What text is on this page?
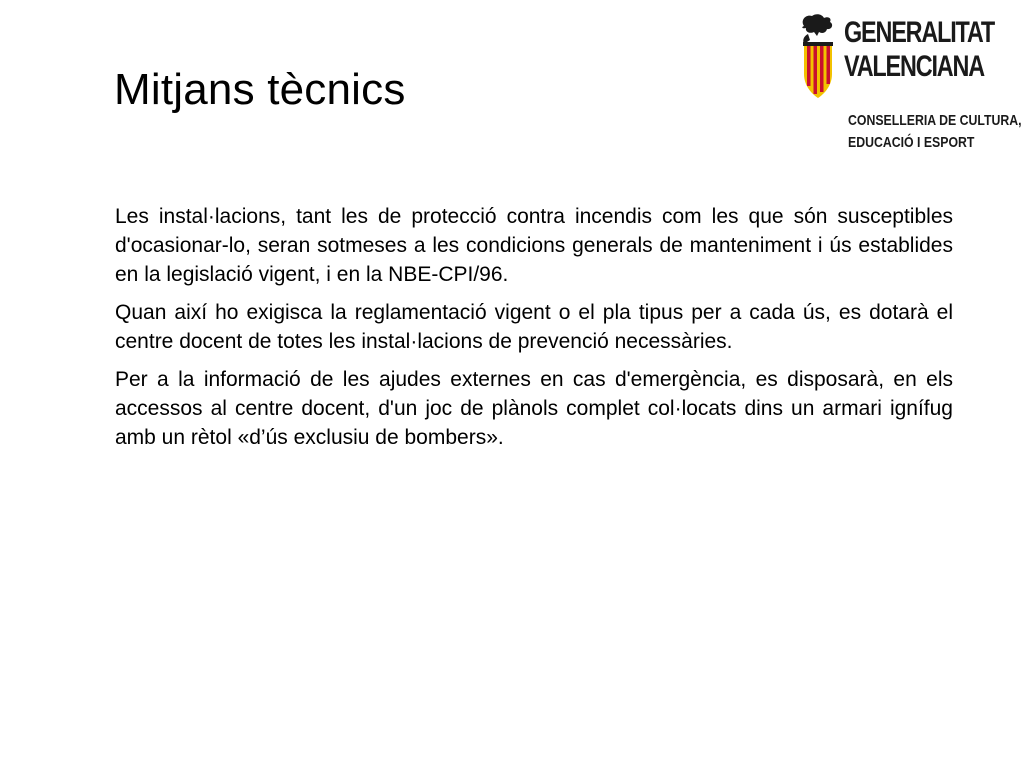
Mitjans tècnics
GENERALITAT
VALENCIANA
CONSELLERIA DE CULTURA,
EDUCACIÓ I ESPORT

Les instal·lacions, tant les de protecció contra incendis com les que són susceptibles d'ocasionar-lo, seran sotmeses a les condicions generals de manteniment i ús establides en la legislació vigent, i en la NBE-CPI/96.

Quan així ho exigisca la reglamentació vigent o el pla tipus per a cada ús, es dotarà el centre docent de totes les instal·lacions de prevenció necessàries.

Per a la informació de les ajudes externes en cas d'emergència, es disposarà, en els accessos al centre docent, d'un joc de plànols complet col·locats dins un armari ignífug amb un rètol «d’ús exclusiu de bombers».
